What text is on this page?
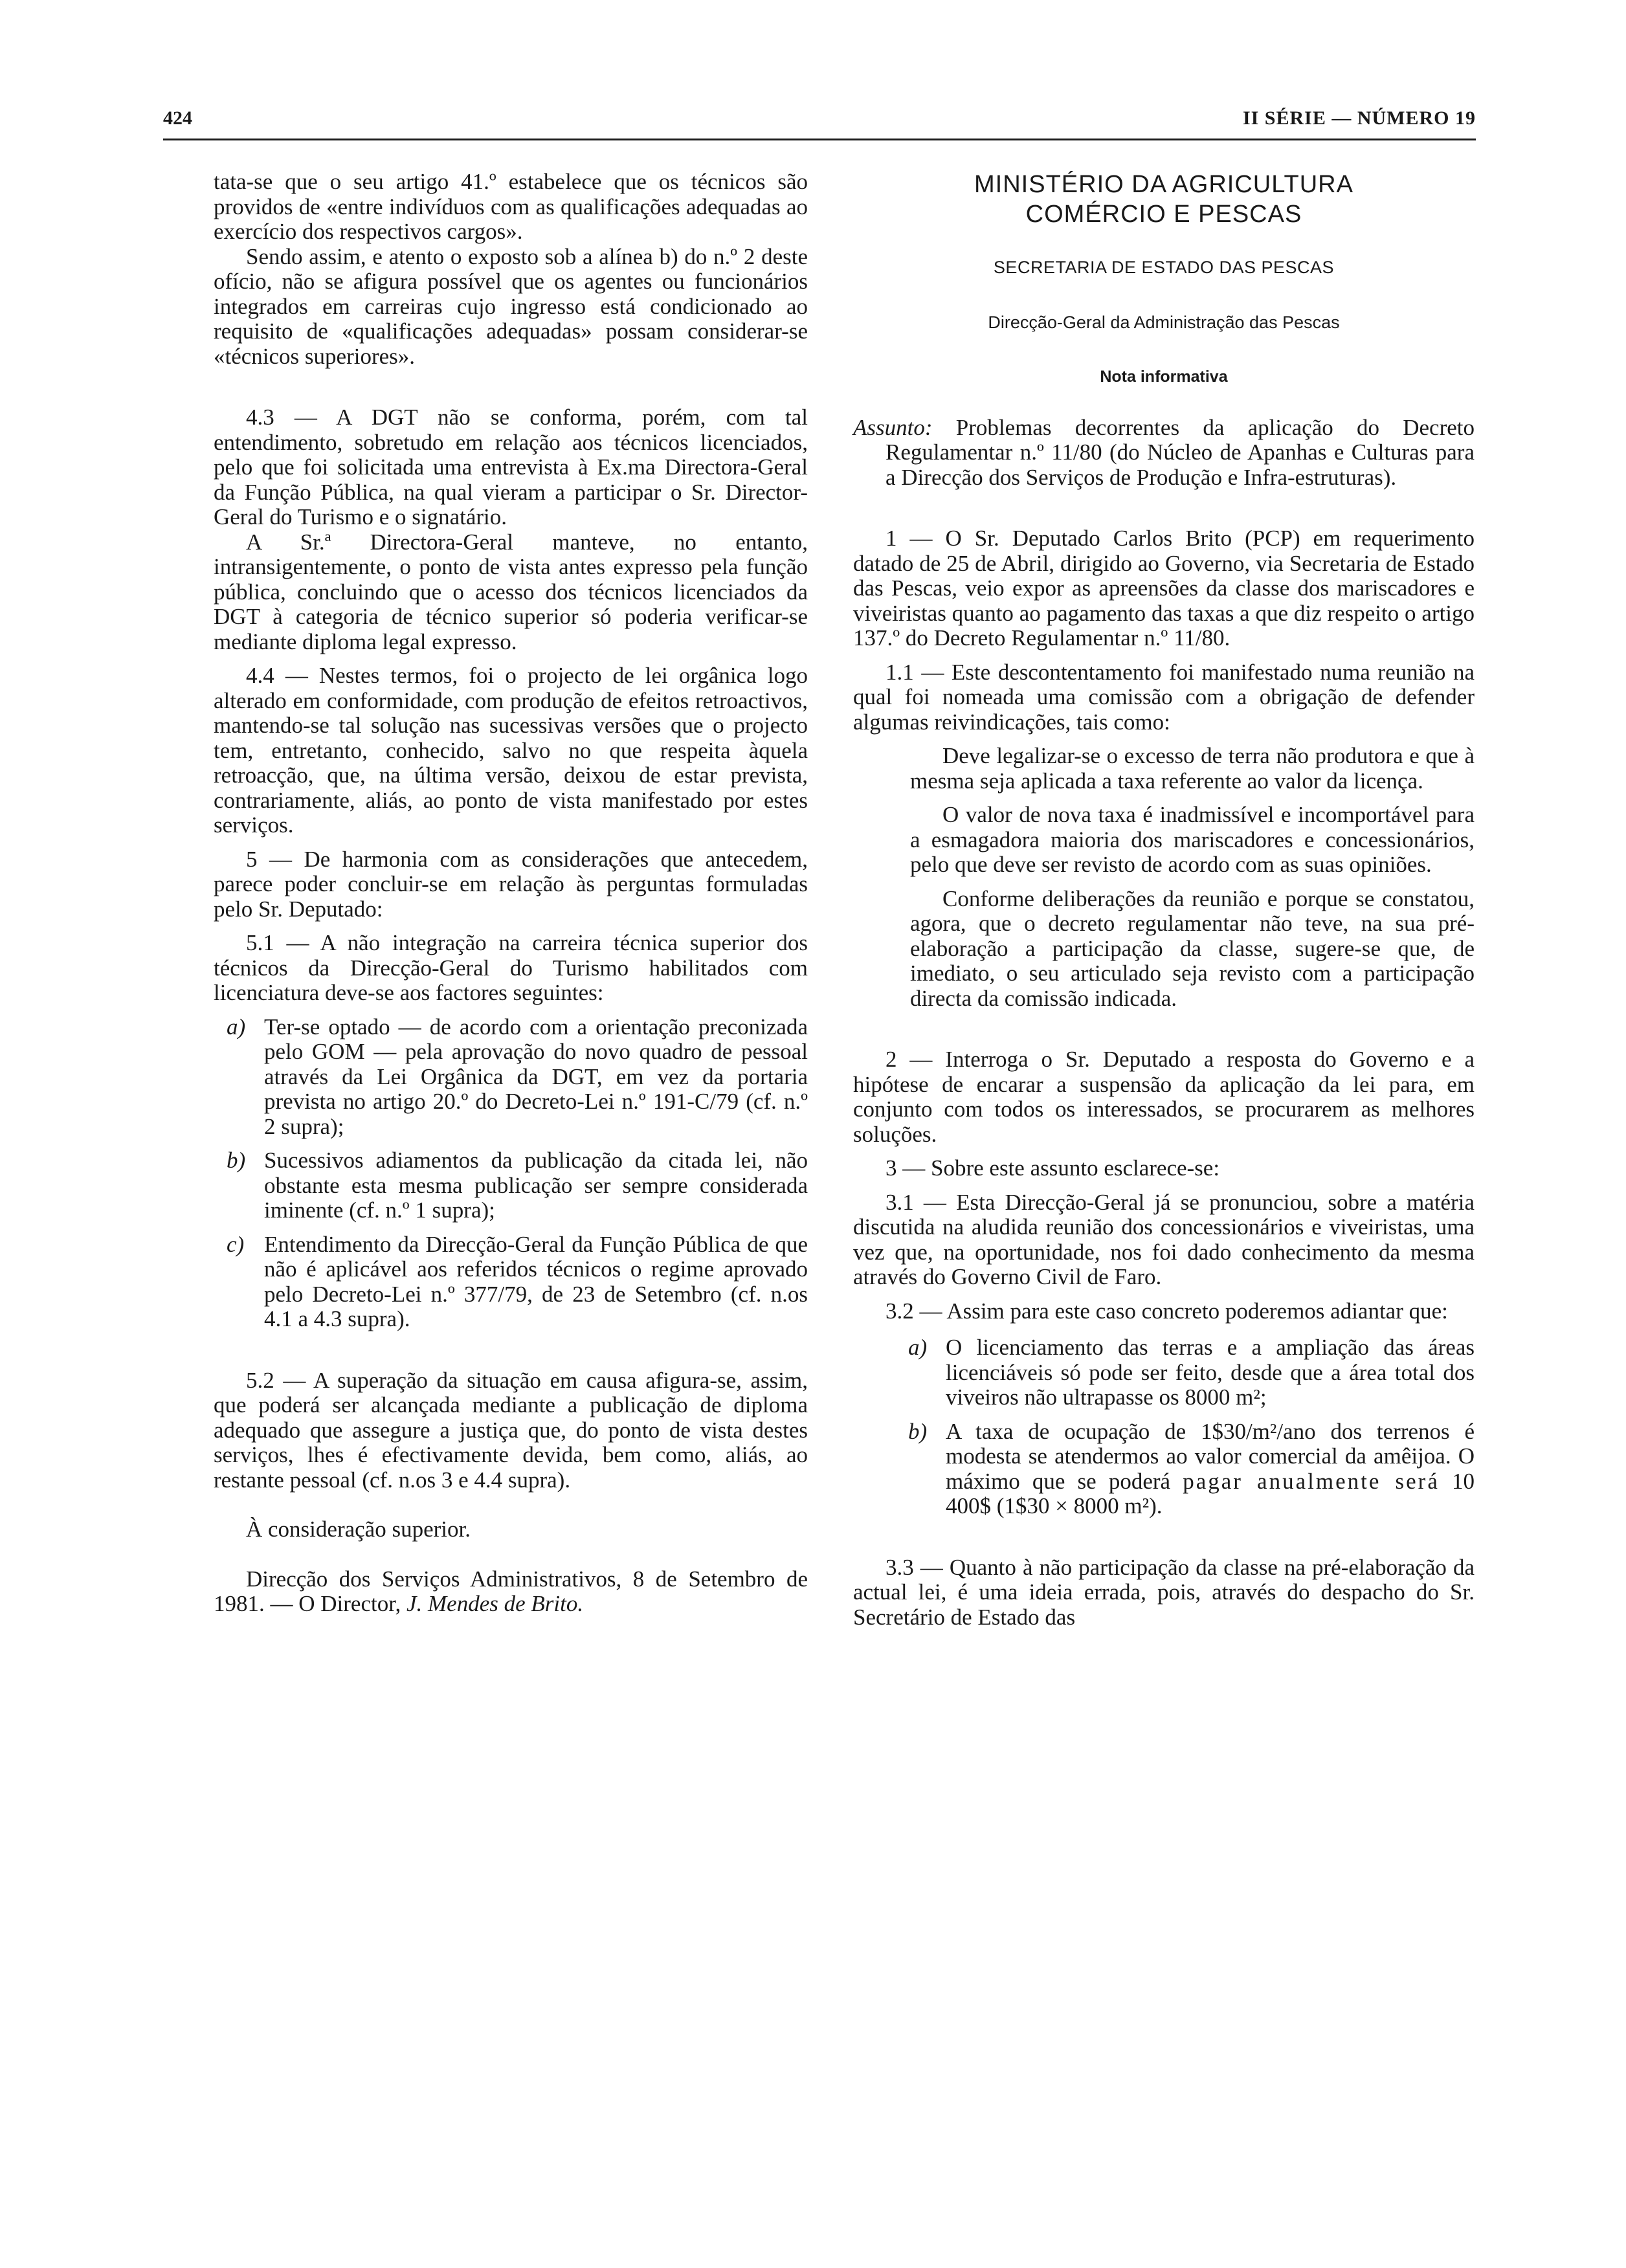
424	II SÉRIE — NÚMERO 19

tata-se que o seu artigo 41.º estabelece que os técnicos são providos de «entre indivíduos com as qualificações adequadas ao exercício dos respectivos cargos».

Sendo assim, e atento o exposto sob a alínea b) do n.º 2 deste ofício, não se afigura possível que os agentes ou funcionários integrados em carreiras cujo ingresso está condicionado ao requisito de «qualificações adequadas» possam considerar-se «técnicos superiores».

4.3 — A DGT não se conforma, porém, com tal entendimento, sobretudo em relação aos técnicos licenciados, pelo que foi solicitada uma entrevista à Ex.ma Directora-Geral da Função Pública, na qual vieram a participar o Sr. Director-Geral do Turismo e o signatário.

A Sr.ª Directora-Geral manteve, no entanto, intransigentemente, o ponto de vista antes expresso pela função pública, concluindo que o acesso dos técnicos licenciados da DGT à categoria de técnico superior só poderia verificar-se mediante diploma legal expresso.

4.4 — Nestes termos, foi o projecto de lei orgânica logo alterado em conformidade, com produção de efeitos retroactivos, mantendo-se tal solução nas sucessivas versões que o projecto tem, entretanto, conhecido, salvo no que respeita àquela retroacção, que, na última versão, deixou de estar prevista, contrariamente, aliás, ao ponto de vista manifestado por estes serviços.

5 — De harmonia com as considerações que antecedem, parece poder concluir-se em relação às perguntas formuladas pelo Sr. Deputado:

5.1 — A não integração na carreira técnica superior dos técnicos da Direcção-Geral do Turismo habilitados com licenciatura deve-se aos factores seguintes:

a) Ter-se optado — de acordo com a orientação preconizada pelo GOM — pela aprovação do novo quadro de pessoal através da Lei Orgânica da DGT, em vez da portaria prevista no artigo 20.º do Decreto-Lei n.º 191-C/79 (cf. n.º 2 supra);
b) Sucessivos adiamentos da publicação da citada lei, não obstante esta mesma publicação ser sempre considerada iminente (cf. n.º 1 supra);
c) Entendimento da Direcção-Geral da Função Pública de que não é aplicável aos referidos técnicos o regime aprovado pelo Decreto-Lei n.º 377/79, de 23 de Setembro (cf. n.os 4.1 a 4.3 supra).

5.2 — A superação da situação em causa afigura-se, assim, que poderá ser alcançada mediante a publicação de diploma adequado que assegure a justiça que, do ponto de vista destes serviços, lhes é efectivamente devida, bem como, aliás, ao restante pessoal (cf. n.os 3 e 4.4 supra).

À consideração superior.

Direcção dos Serviços Administrativos, 8 de Setembro de 1981. — O Director, J. Mendes de Brito.

MINISTÉRIO DA AGRICULTURA

COMÉRCIO E PESCAS

SECRETARIA DE ESTADO DAS PESCAS

Direcção-Geral da Administração das Pescas

Nota informativa

Assunto: Problemas decorrentes da aplicação do Decreto Regulamentar n.º 11/80 (do Núcleo de Apanhas e Culturas para a Direcção dos Serviços de Produção e Infra-estruturas).

1 — O Sr. Deputado Carlos Brito (PCP) em requerimento datado de 25 de Abril, dirigido ao Governo, via Secretaria de Estado das Pescas, veio expor as apreensões da classe dos mariscadores e viveiristas quanto ao pagamento das taxas a que diz respeito o artigo 137.º do Decreto Regulamentar n.º 11/80.

1.1 — Este descontentamento foi manifestado numa reunião na qual foi nomeada uma comissão com a obrigação de defender algumas reivindicações, tais como:

Deve legalizar-se o excesso de terra não produtora e que à mesma seja aplicada a taxa referente ao valor da licença.

O valor de nova taxa é inadmissível e incomportável para a esmagadora maioria dos mariscadores e concessionários, pelo que deve ser revisto de acordo com as suas opiniões.

Conforme deliberações da reunião e porque se constatou, agora, que o decreto regulamentar não teve, na sua pré-elaboração a participação da classe, sugere-se que, de imediato, o seu articulado seja revisto com a participação directa da comissão indicada.

2 — Interroga o Sr. Deputado a resposta do Governo e a hipótese de encarar a suspensão da aplicação da lei para, em conjunto com todos os interessados, se procurarem as melhores soluções.

3 — Sobre este assunto esclarece-se:

3.1 — Esta Direcção-Geral já se pronunciou, sobre a matéria discutida na aludida reunião dos concessionários e viveiristas, uma vez que, na oportunidade, nos foi dado conhecimento da mesma através do Governo Civil de Faro.

3.2 — Assim para este caso concreto poderemos adiantar que:

a) O licenciamento das terras e a ampliação das áreas licenciáveis só pode ser feito, desde que a área total dos viveiros não ultrapasse os 8000 m²;
b) A taxa de ocupação de 1$30/m²/ano dos terrenos é modesta se atendermos ao valor comercial da amêijoa. O máximo que se poderá pagar anualmente será 10 400$ (1$30 × 8000 m²).

3.3 — Quanto à não participação da classe na pré-elaboração da actual lei, é uma ideia errada, pois, através do despacho do Sr. Secretário de Estado das
